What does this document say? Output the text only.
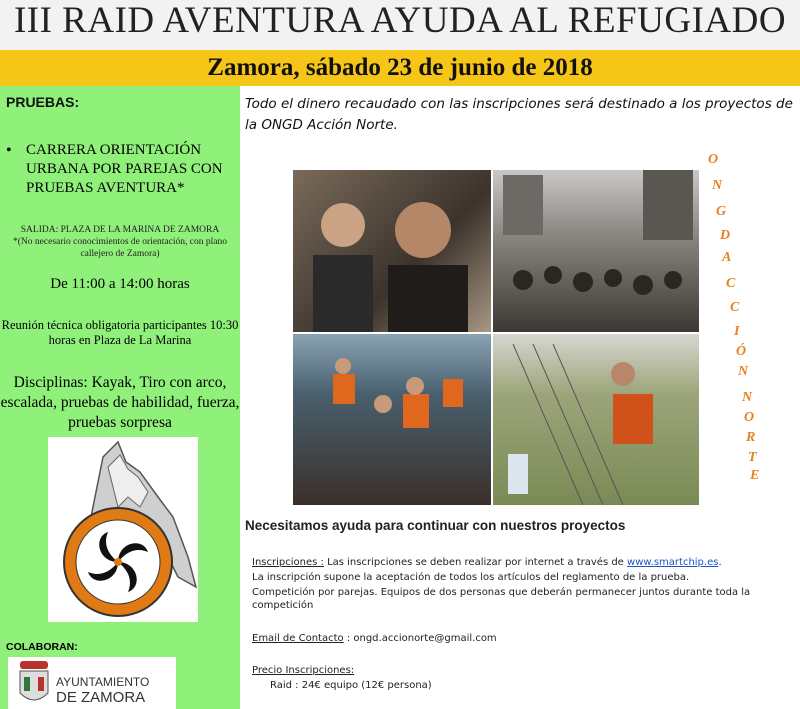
III RAID AVENTURA AYUDA AL REFUGIADO
Zamora, sábado 23 de junio de 2018
PRUEBAS:
• CARRERA ORIENTACIÓN URBANA POR PAREJAS CON PRUEBAS AVENTURA*
SALIDA: PLAZA DE LA MARINA DE ZAMORA
*(No necesario conocimientos de orientación, con plano callejero de Zamora)
De 11:00 a 14:00 horas
Reunión técnica obligatoria participantes 10:30 horas en Plaza de La Marina
Disciplinas: Kayak, Tiro con arco, escalada, pruebas de habilidad, fuerza, pruebas sorpresa
COLABORAN:
AYUNTAMIENTO
DE ZAMORA
Todo el dinero recaudado con las inscripciones será destinado a los proyectos de la ONGD Acción Norte.
O
N
G
D
A
C
C
I
Ó
N
N
O
R
T
E
Necesitamos ayuda para continuar con nuestros proyectos
Inscripciones : Las inscripciones se deben realizar por internet a través de www.smartchip.es.
La inscripción supone la aceptación de todos los artículos del reglamento de la prueba.
Competición por parejas. Equipos de dos personas que deberán permanecer juntos durante toda la competición
Email de Contacto : ongd.accionorte@gmail.com
Precio Inscripciones:
Raid : 24€ equipo (12€ persona)
